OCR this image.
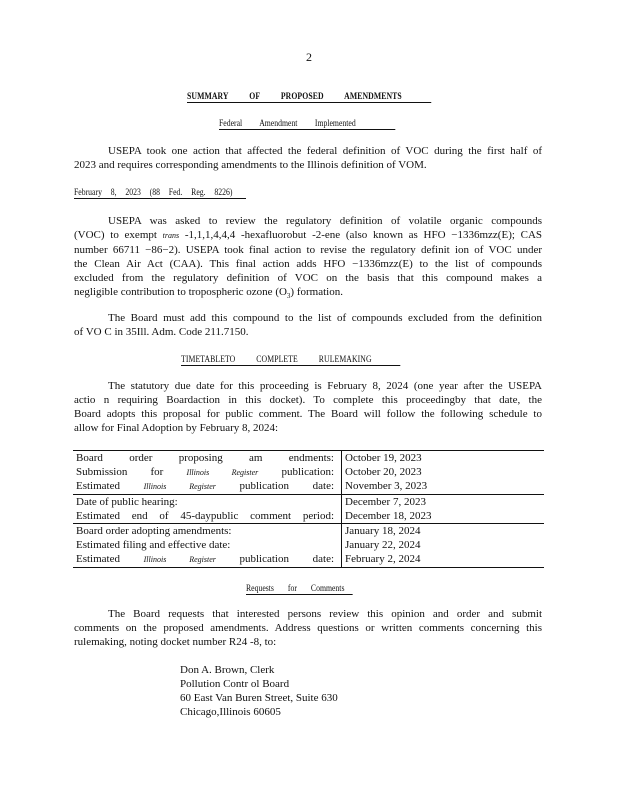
2
SUMMARY OF PROPOSED AMENDMENTS
Federal Amendment Implemented
USEPA took one action that affected the federal definition of VOC during the first half of
2023 and requires corresponding amendments to the Illinois definition of VOM.
February 8, 2023 (88 Fed. Reg. 8226)
USEPA was asked to review the regulatory definition of volatile organic compounds
(VOC) to exempt trans -1,1,1,4,4,4 -hexafluorobut -2-ene (also known as HFO −1336mzz(E); CAS
number 66711 −86−2). USEPA took final action to revise the regulatory definit ion of VOC under
the Clean Air Act (CAA). This final action adds HFO −1336mzz(E) to the list of compounds
excluded from the regulatory definition of VOC on the basis that this compound makes a
negligible contribution to tropospheric ozone $(O_3)$ formation.
The Board must add this compound to the list of compounds excluded from the definition
of VO C in 35Ill. Adm. Code 211.7150.
TIMETABLETO COMPLETE RULEMAKING
The statutory due date for this proceeding is February 8, 2024 (one year after the USEPA
actio n requiring Boardaction in this docket). To complete this proceedingby that date, the
Board adopts this proposal for public comment. The Board will follow the following schedule to
allow for Final Adoption by February 8, 2024:
Board order proposing am endments: October 19, 2023
Submission for	Illinois Register publication: October 20, 2023
Estimated	Illinois Register publication date: November 3, 2023
Date of public hearing:	December 7, 2023
Estimated end of 45-daypublic comment period: December 18, 2023
Board order adopting amendments:	January 18, 2024
Estimated filing and effective date:	January 22, 2024
Estimated	Illinois Register publication date: February 2, 2024
Requests for Comments
The Board requests that interested persons review this opinion and order and submit
comments on the proposed amendments. Address questions or written comments concerning this
rulemaking, noting docket number R24 -8, to:
Don A. Brown, Clerk
Pollution Contr ol Board
60 East Van Buren Street, Suite 630
Chicago,Illinois 60605
